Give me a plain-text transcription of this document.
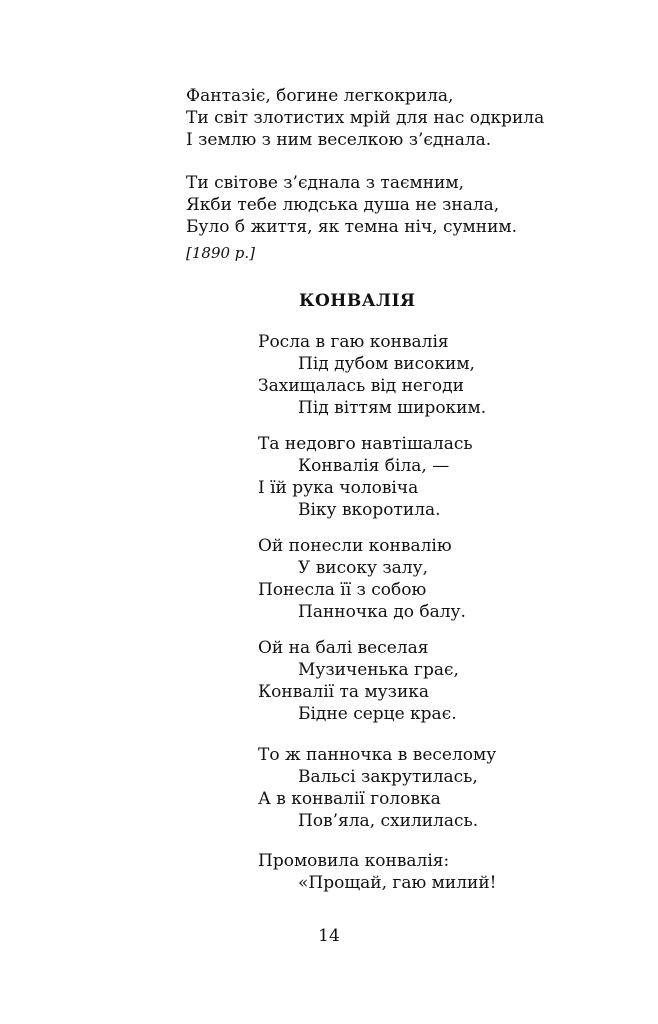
Фантазіє, богине легкокрила,
Ти світ злотистих мрій для нас одкрила
І землю з ним веселкою з’єднала.
Ти світове з’єднала з таємним,
Якби тебе людська душа не знала,
Було б життя, як темна ніч, сумним.
[1890 р.]
КОНВАЛІЯ
Росла в гаю конвалія
Під дубом високим,
Захищалась від негоди
Під віттям широким.
Та недовго навтішалась
Конвалія біла, —
І їй рука чоловіча
Віку вкоротила.
Ой понесли конвалію
У високу залу,
Понесла її з собою
Панночка до балу.
Ой на балі веселая
Музиченька грає,
Конвалії та музика
Бідне серце крає.
То ж панночка в веселому
Вальсі закрутилась,
А в конвалії головка
Пов’яла, схилилась.
Промовила конвалія:
«Прощай, гаю милий!
14
